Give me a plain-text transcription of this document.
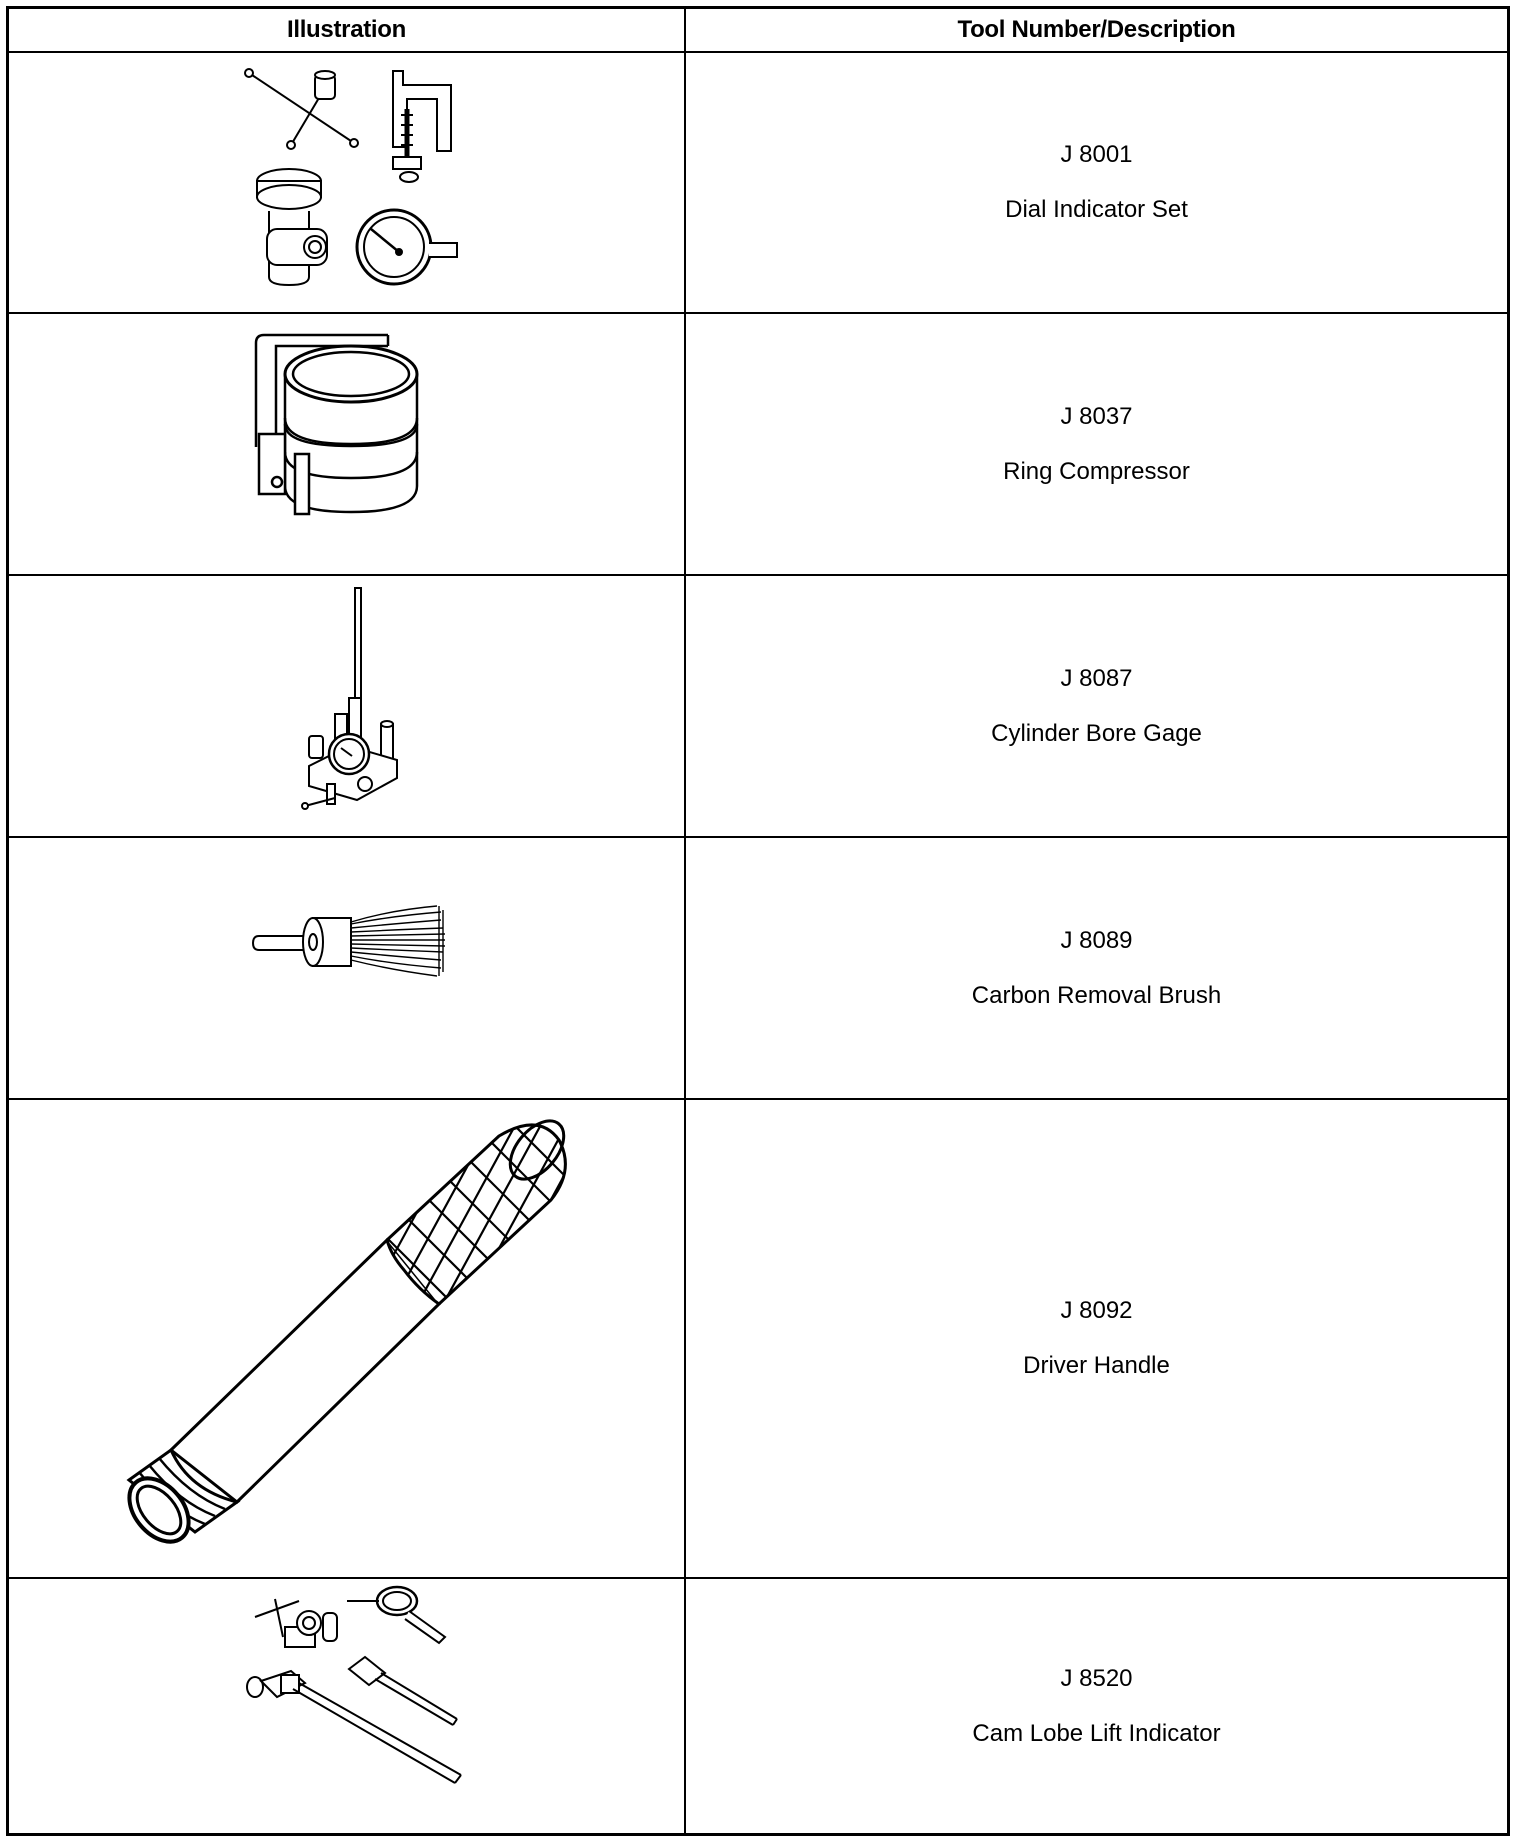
Illustration	Tool Number/Description
J 8001
Dial Indicator Set
J 8037
Ring Compressor
J 8087
Cylinder Bore Gage
J 8089
Carbon Removal Brush
J 8092
Driver Handle
J 8520
Cam Lobe Lift Indicator
